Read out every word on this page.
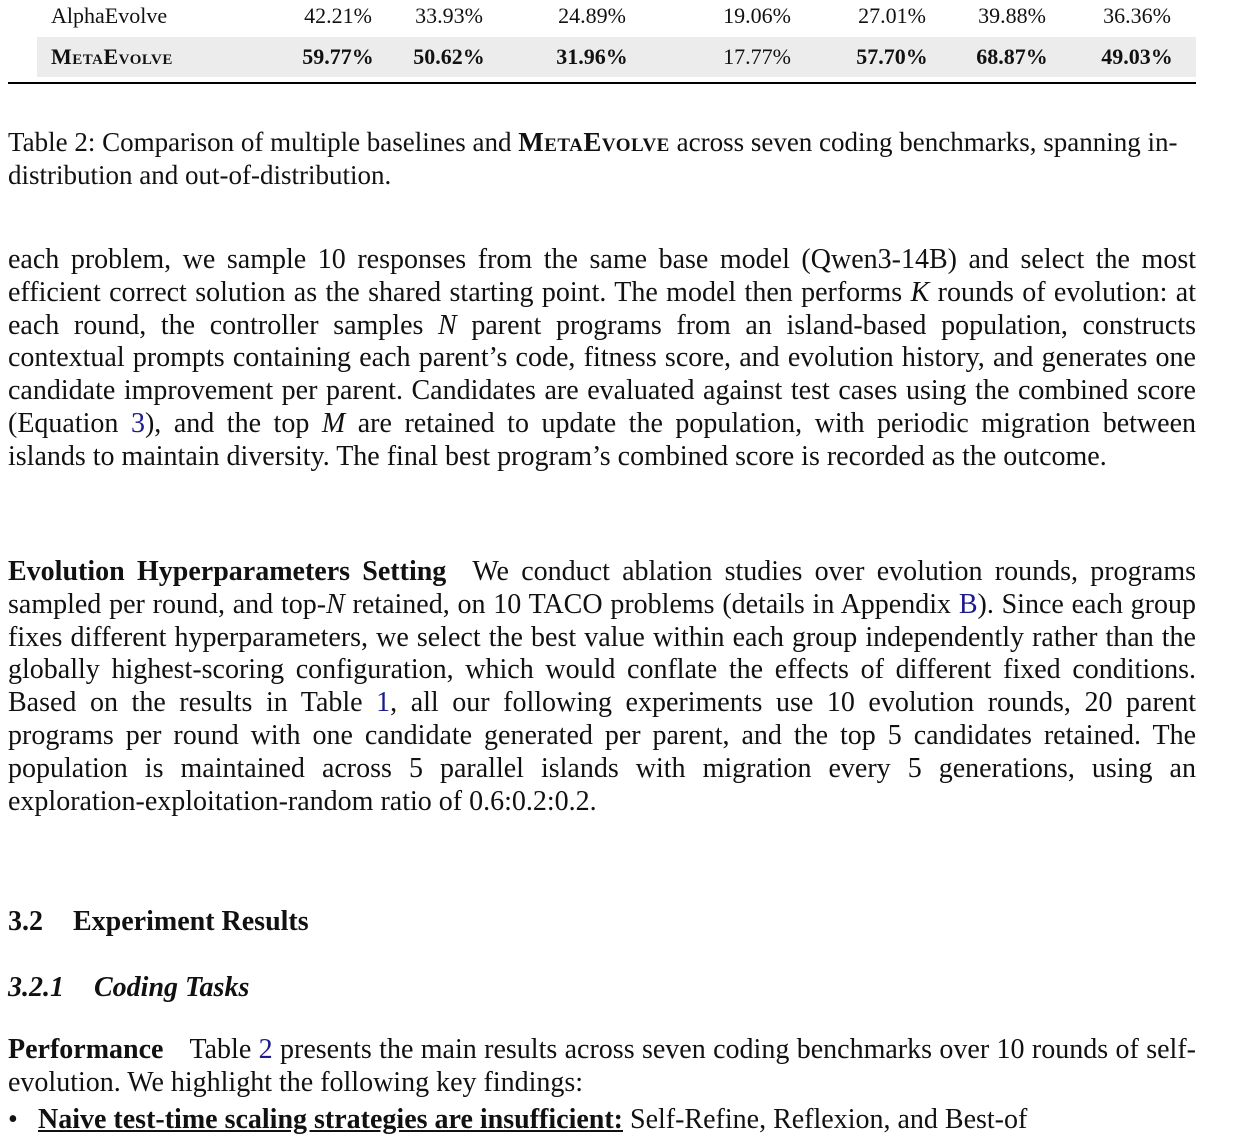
AlphaEvolve	42.21%	33.93%	24.89%	19.06%	27.01%	39.88%	36.36%
MetaEvolve	59.77%	50.62%	31.96%	17.77%	57.70%	68.87%	49.03%
Table 2: Comparison of multiple baselines and MetaEvolve across seven coding benchmarks, spanning in-distribution and out-of-distribution.
each problem, we sample 10 responses from the same base model (Qwen3-14B) and select the most efficient correct solution as the shared starting point. The model then performs K rounds of evolution: at each round, the controller samples N parent programs from an island-based population, constructs contextual prompts containing each parent’s code, fitness score, and evolution history, and generates one candidate improvement per parent. Candidates are evaluated against test cases using the combined score (Equation 3), and the top M are retained to update the population, with periodic migration between islands to maintain diversity. The final best program’s combined score is recorded as the outcome.
Evolution Hyperparameters Setting We conduct ablation studies over evolution rounds, programs sampled per round, and top-N retained, on 10 TACO problems (details in Appendix B). Since each group fixes different hyperparameters, we select the best value within each group independently rather than the globally highest-scoring configuration, which would conflate the effects of different fixed conditions. Based on the results in Table 1, all our following experiments use 10 evolution rounds, 20 parent programs per round with one candidate generated per parent, and the top 5 candidates retained. The population is maintained across 5 parallel islands with migration every 5 generations, using an exploration-exploitation-random ratio of 0.6:0.2:0.2.
3.2 Experiment Results
3.2.1 Coding Tasks
Performance Table 2 presents the main results across seven coding benchmarks over 10 rounds of self-evolution. We highlight the following key findings:
• Naive test-time scaling strategies are insufficient: Self-Refine, Reflexion, and Best-of
